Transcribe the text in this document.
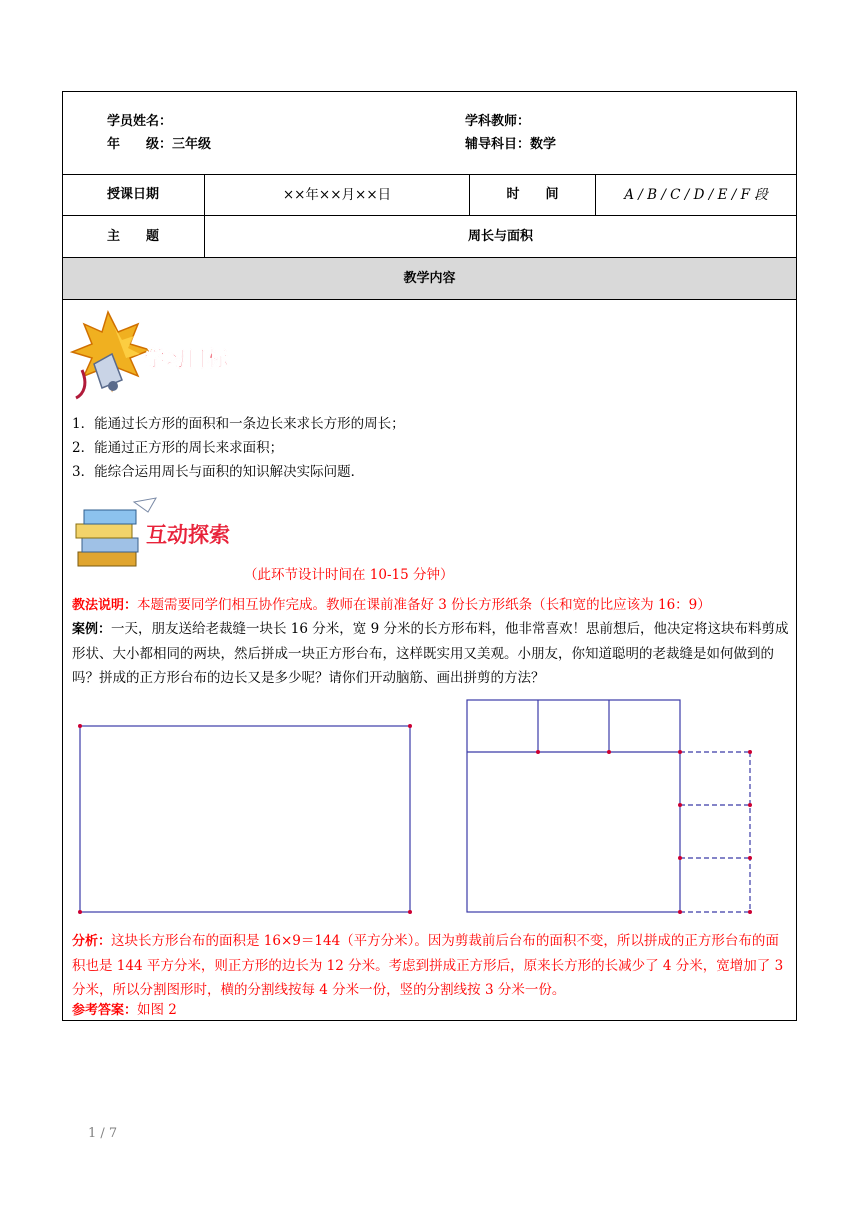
学员姓名：
年　　级：三年级
学科教师：
辅导科目：数学
授课日期	××年××月××日	时　　间	A / B / C / D / E / F 段
主　　题	周长与面积
教学内容
学习目标
1．能通过长方形的面积和一条边长来求长方形的周长；
2．能通过正方形的周长来求面积；
3．能综合运用周长与面积的知识解决实际问题．
互动探索
（此环节设计时间在 10-15 分钟）
教法说明：本题需要同学们相互协作完成。教师在课前准备好 3 份长方形纸条（长和宽的比应该为 16：9）
案例：一天，朋友送给老裁缝一块长 16 分米，宽 9 分米的长方形布料，他非常喜欢！思前想后，他决定将这块布料剪成形状、大小都相同的两块，然后拼成一块正方形台布，这样既实用又美观。小朋友，你知道聪明的老裁缝是如何做到的吗？拼成的正方形台布的边长又是多少呢？请你们开动脑筋、画出拼剪的方法？
分析：这块长方形台布的面积是 16×9＝144（平方分米）。因为剪裁前后台布的面积不变，所以拼成的正方形台布的面积也是 144 平方分米，则正方形的边长为 12 分米。考虑到拼成正方形后，原来长方形的长减少了 4 分米，宽增加了 3 分米，所以分割图形时，横的分割线按每 4 分米一份，竖的分割线按 3 分米一份。
参考答案：如图 2
1 / 7
